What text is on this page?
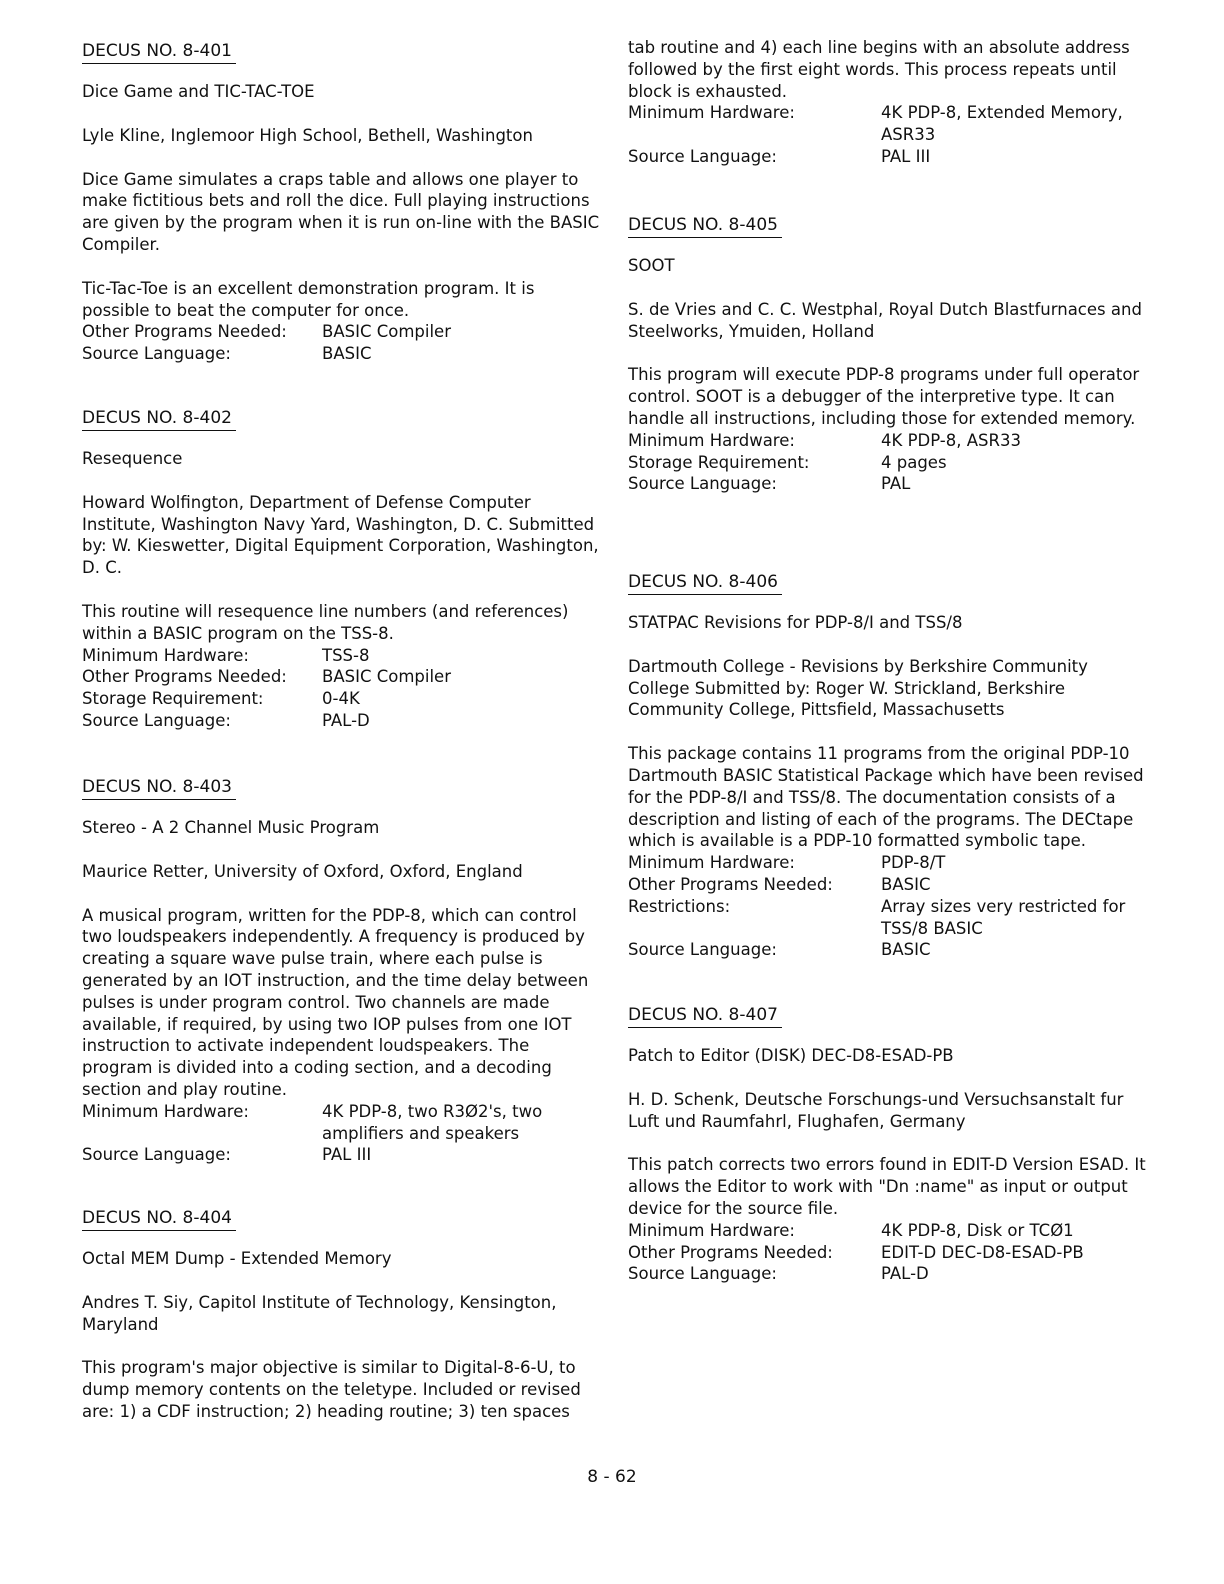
DECUS NO. 8-401

Dice Game and TIC-TAC-TOE

Lyle Kline, Inglemoor High School, Bethell, Washington

Dice Game simulates a craps table and allows one player to make fictitious bets and roll the dice. Full playing instructions are given by the program when it is run on-line with the BASIC Compiler.

Tic-Tac-Toe is an excellent demonstration program. It is possible to beat the computer for once.

Other Programs Needed:	BASIC Compiler
Source Language:	BASIC
DECUS NO. 8-402

Resequence

Howard Wolfington, Department of Defense Computer Institute, Washington Navy Yard, Washington, D. C. Submitted by: W. Kieswetter, Digital Equipment Corporation, Washington, D. C.

This routine will resequence line numbers (and references) within a BASIC program on the TSS-8.

Minimum Hardware:	TSS-8
Other Programs Needed:	BASIC Compiler
Storage Requirement:	0-4K
Source Language:	PAL-D
DECUS NO. 8-403

Stereo - A 2 Channel Music Program

Maurice Retter, University of Oxford, Oxford, England

A musical program, written for the PDP-8, which can control two loudspeakers independently. A frequency is produced by creating a square wave pulse train, where each pulse is generated by an IOT instruction, and the time delay between pulses is under program control. Two channels are made available, if required, by using two IOP pulses from one IOT instruction to activate independent loudspeakers. The program is divided into a coding section, and a decoding section and play routine.

Minimum Hardware:	4K PDP-8, two R3Ø2's, two amplifiers and speakers
Source Language:	PAL III
DECUS NO. 8-404

Octal MEM Dump - Extended Memory

Andres T. Siy, Capitol Institute of Technology, Kensington, Maryland

This program's major objective is similar to Digital-8-6-U, to dump memory contents on the teletype. Included or revised are: 1) a CDF instruction; 2) heading routine; 3) ten spaces

tab routine and 4) each line begins with an absolute address followed by the first eight words. This process repeats until block is exhausted.

Minimum Hardware:	4K PDP-8, Extended Memory, ASR33
Source Language:	PAL III
DECUS NO. 8-405

SOOT

S. de Vries and C. C. Westphal, Royal Dutch Blastfurnaces and Steelworks, Ymuiden, Holland

This program will execute PDP-8 programs under full operator control. SOOT is a debugger of the interpretive type. It can handle all instructions, including those for extended memory.

Minimum Hardware:	4K PDP-8, ASR33
Storage Requirement:	4 pages
Source Language:	PAL
DECUS NO. 8-406

STATPAC Revisions for PDP-8/I and TSS/8

Dartmouth College - Revisions by Berkshire Community College Submitted by: Roger W. Strickland, Berkshire Community College, Pittsfield, Massachusetts

This package contains 11 programs from the original PDP-10 Dartmouth BASIC Statistical Package which have been revised for the PDP-8/I and TSS/8. The documentation consists of a description and listing of each of the programs. The DECtape which is available is a PDP-10 formatted symbolic tape.

Minimum Hardware:	PDP-8/T
Other Programs Needed:	BASIC
Restrictions:	Array sizes very restricted for TSS/8 BASIC
Source Language:	BASIC
DECUS NO. 8-407

Patch to Editor (DISK) DEC-D8-ESAD-PB

H. D. Schenk, Deutsche Forschungs-und Versuchsanstalt fur Luft und Raumfahrl, Flughafen, Germany

This patch corrects two errors found in EDIT-D Version ESAD. It allows the Editor to work with "Dn :name" as input or output device for the source file.

Minimum Hardware:	4K PDP-8, Disk or TCØ1
Other Programs Needed:	EDIT-D DEC-D8-ESAD-PB
Source Language:	PAL-D
8 - 62
